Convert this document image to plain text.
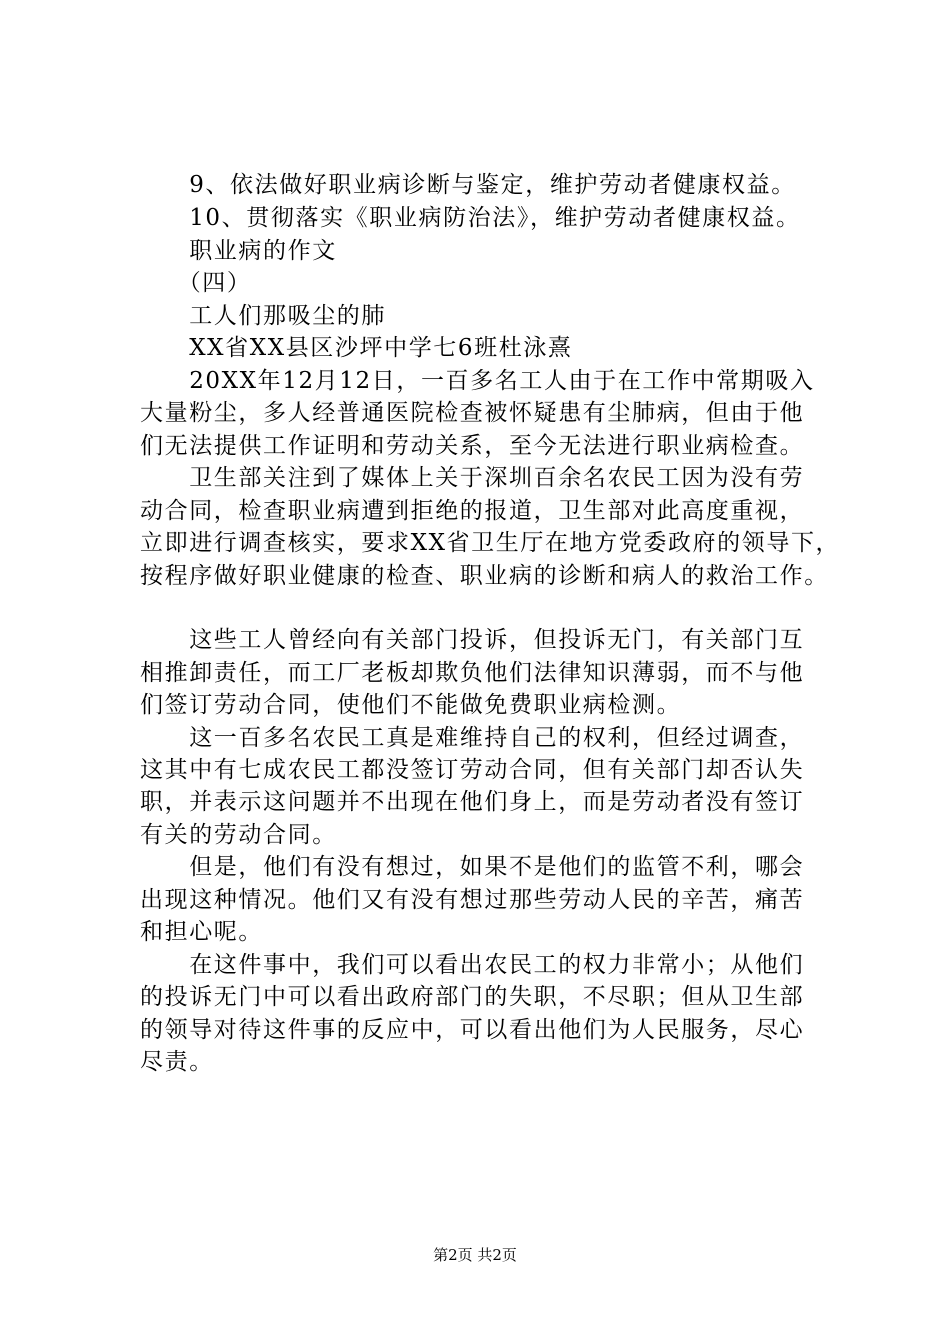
　　9、依法做好职业病诊断与鉴定，维护劳动者健康权益。

　　10、贯彻落实《职业病防治法》，维护劳动者健康权益。

　　职业病的作文

　　（四）

　　工人们那吸尘的肺

　　XX省XX县区沙坪中学七6班杜泳熹

　　20XX年12月12日，一百多名工人由于在工作中常期吸入

大量粉尘，多人经普通医院检查被怀疑患有尘肺病，但由于他

们无法提供工作证明和劳动关系，至今无法进行职业病检查。

　　卫生部关注到了媒体上关于深圳百余名农民工因为没有劳

动合同，检查职业病遭到拒绝的报道，卫生部对此高度重视，

立即进行调查核实，要求XX省卫生厅在地方党委政府的领导下，

按程序做好职业健康的检查、职业病的诊断和病人的救治工作。

　　这些工人曾经向有关部门投诉，但投诉无门，有关部门互

相推卸责任，而工厂老板却欺负他们法律知识薄弱，而不与他

们签订劳动合同，使他们不能做免费职业病检测。

　　这一百多名农民工真是难维持自己的权利，但经过调查，

这其中有七成农民工都没签订劳动合同，但有关部门却否认失

职，并表示这问题并不出现在他们身上，而是劳动者没有签订

有关的劳动合同。

　　但是，他们有没有想过，如果不是他们的监管不利，哪会

出现这种情况。他们又有没有想过那些劳动人民的辛苦，痛苦

和担心呢。

　　在这件事中，我们可以看出农民工的权力非常小；从他们

的投诉无门中可以看出政府部门的失职，不尽职；但从卫生部

的领导对待这件事的反应中，可以看出他们为人民服务，尽心

尽责。

第2页 共2页
